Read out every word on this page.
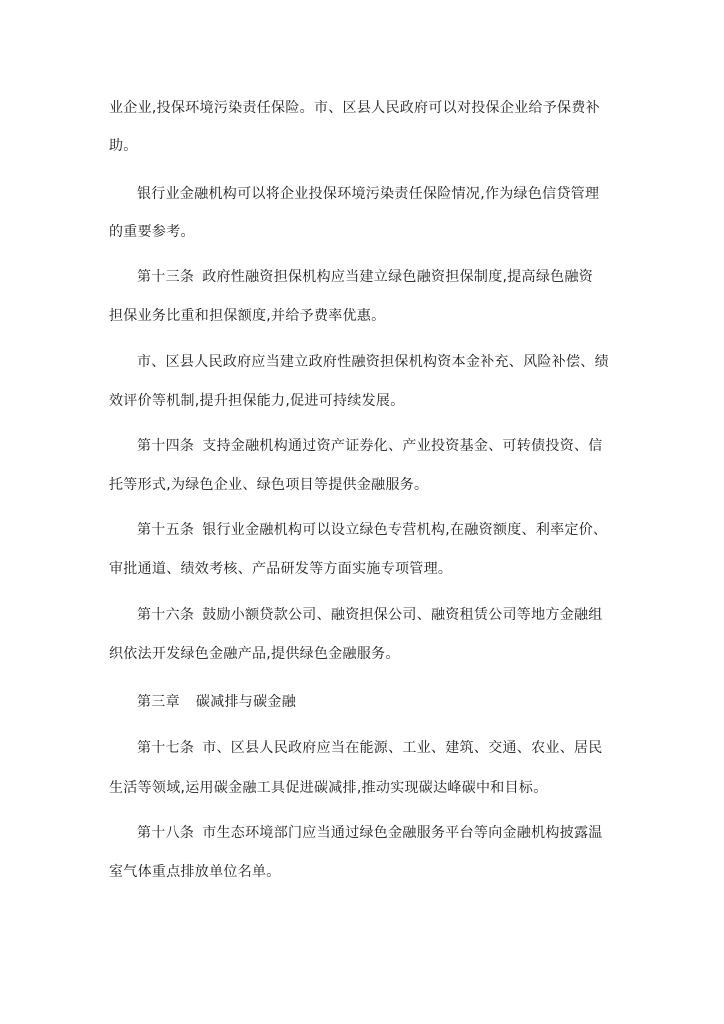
业企业,投保环境污染责任保险。市、区县人民政府可以对投保企业给予保费补
助。
银行业金融机构可以将企业投保环境污染责任保险情况,作为绿色信贷管理
的重要参考。
第十三条 政府性融资担保机构应当建立绿色融资担保制度,提高绿色融资
担保业务比重和担保额度,并给予费率优惠。
市、区县人民政府应当建立政府性融资担保机构资本金补充、风险补偿、绩
效评价等机制,提升担保能力,促进可持续发展。
第十四条 支持金融机构通过资产证券化、产业投资基金、可转债投资、信
托等形式,为绿色企业、绿色项目等提供金融服务。
第十五条 银行业金融机构可以设立绿色专营机构,在融资额度、利率定价、
审批通道、绩效考核、产品研发等方面实施专项管理。
第十六条 鼓励小额贷款公司、融资担保公司、融资租赁公司等地方金融组
织依法开发绿色金融产品,提供绿色金融服务。
第三章 碳减排与碳金融
第十七条 市、区县人民政府应当在能源、工业、建筑、交通、农业、居民
生活等领域,运用碳金融工具促进碳减排,推动实现碳达峰碳中和目标。
第十八条 市生态环境部门应当通过绿色金融服务平台等向金融机构披露温
室气体重点排放单位名单。
